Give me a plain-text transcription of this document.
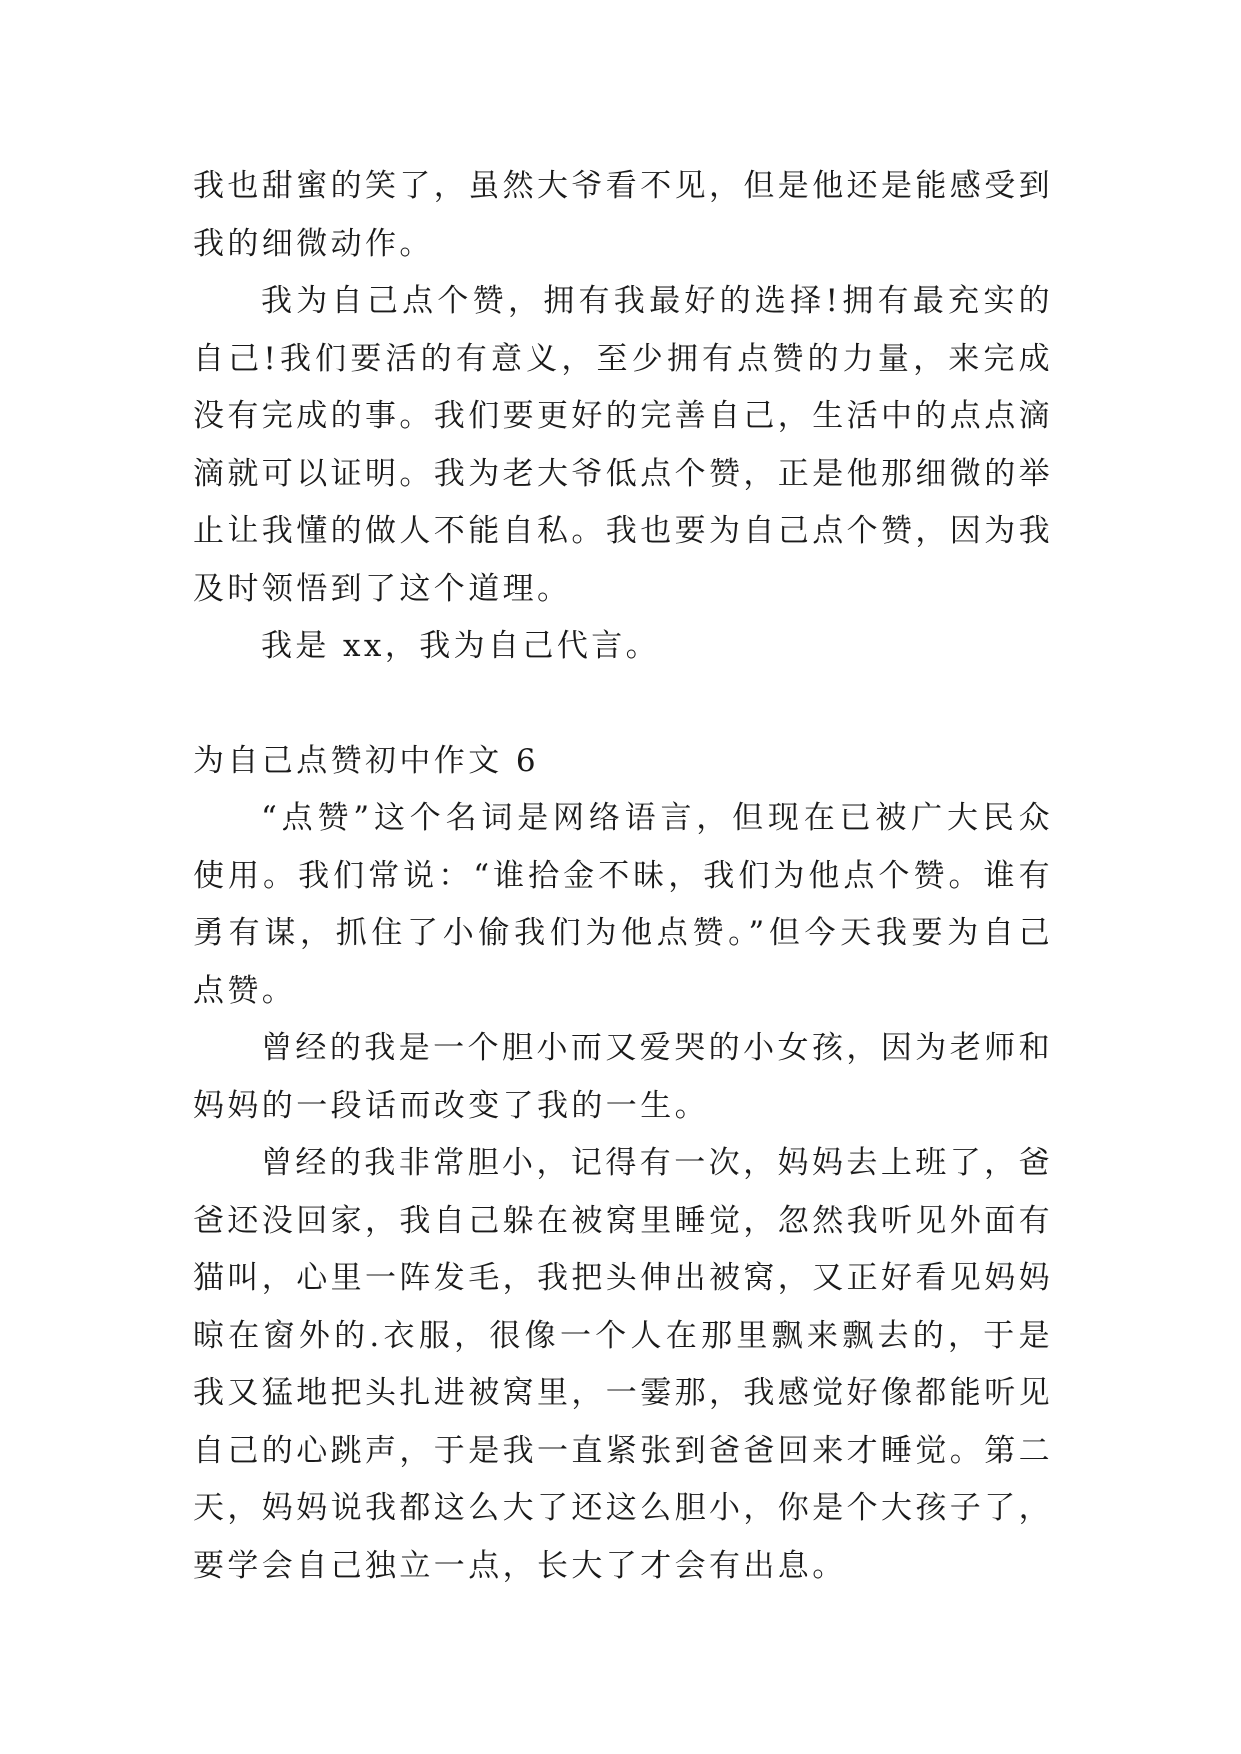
我也甜蜜的笑了，虽然大爷看不见，但是他还是能感受到我的细微动作。

我为自己点个赞，拥有我最好的选择!拥有最充实的自己!我们要活的有意义，至少拥有点赞的力量，来完成没有完成的事。我们要更好的完善自己，生活中的点点滴滴就可以证明。我为老大爷低点个赞，正是他那细微的举止让我懂的做人不能自私。我也要为自己点个赞，因为我及时领悟到了这个道理。

我是 xx，我为自己代言。

为自己点赞初中作文 6

“点赞”这个名词是网络语言，但现在已被广大民众使用。我们常说：“谁拾金不昧，我们为他点个赞。谁有勇有谋，抓住了小偷我们为他点赞。”但今天我要为自己点赞。

曾经的我是一个胆小而又爱哭的小女孩，因为老师和妈妈的一段话而改变了我的一生。

曾经的我非常胆小，记得有一次，妈妈去上班了，爸爸还没回家，我自己躲在被窝里睡觉，忽然我听见外面有猫叫，心里一阵发毛，我把头伸出被窝，又正好看见妈妈晾在窗外的.衣服，很像一个人在那里飘来飘去的，于是我又猛地把头扎进被窝里，一霎那，我感觉好像都能听见自己的心跳声，于是我一直紧张到爸爸回来才睡觉。第二天，妈妈说我都这么大了还这么胆小，你是个大孩子了，要学会自己独立一点，长大了才会有出息。
